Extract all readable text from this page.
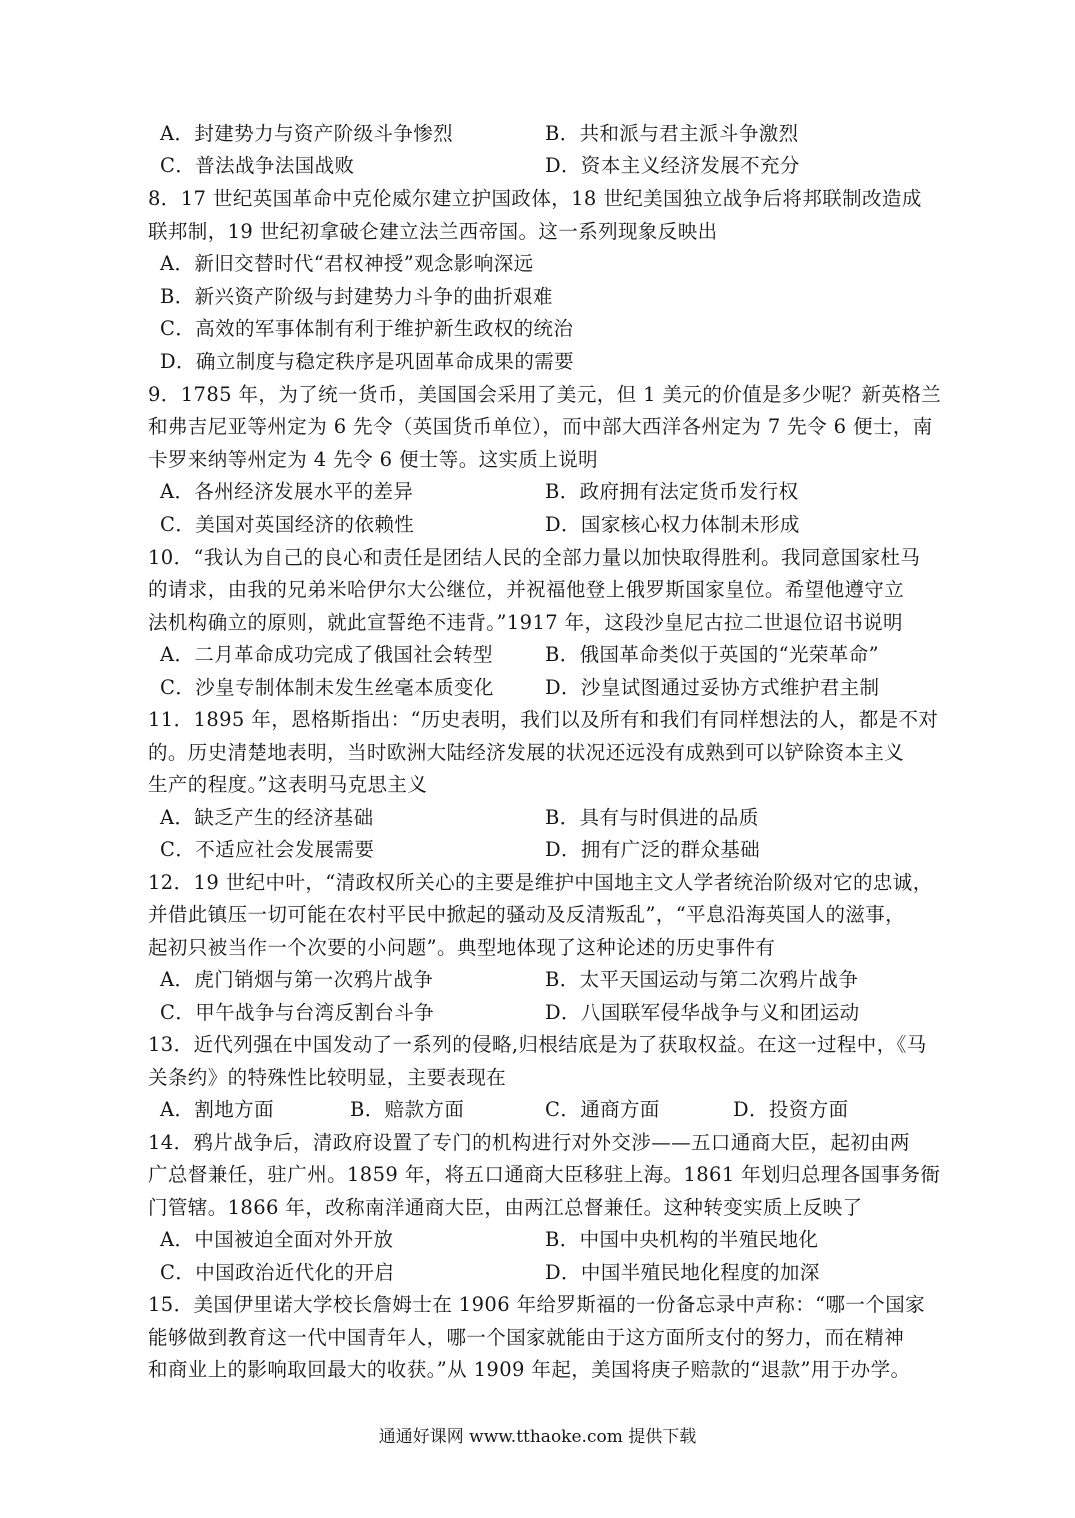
A．封建势力与资产阶级斗争惨烈	B．共和派与君主派斗争激烈
C．普法战争法国战败	D．资本主义经济发展不充分
8．17 世纪英国革命中克伦威尔建立护国政体，18 世纪美国独立战争后将邦联制改造成
联邦制，19 世纪初拿破仑建立法兰西帝国。这一系列现象反映出
A．新旧交替时代“君权神授”观念影响深远
B．新兴资产阶级与封建势力斗争的曲折艰难
C．高效的军事体制有利于维护新生政权的统治
D．确立制度与稳定秩序是巩固革命成果的需要
9．1785 年，为了统一货币，美国国会采用了美元，但 1 美元的价值是多少呢？新英格兰
和弗吉尼亚等州定为 6 先令（英国货币单位），而中部大西洋各州定为 7 先令 6 便士，南
卡罗来纳等州定为 4 先令 6 便士等。这实质上说明
A．各州经济发展水平的差异	B．政府拥有法定货币发行权
C．美国对英国经济的依赖性	D．国家核心权力体制未形成
10．“我认为自己的良心和责任是团结人民的全部力量以加快取得胜利。我同意国家杜马
的请求，由我的兄弟米哈伊尔大公继位，并祝福他登上俄罗斯国家皇位。希望他遵守立
法机构确立的原则，就此宣誓绝不违背。”1917 年，这段沙皇尼古拉二世退位诏书说明
A．二月革命成功完成了俄国社会转型	B．俄国革命类似于英国的“光荣革命”
C．沙皇专制体制未发生丝毫本质变化	D．沙皇试图通过妥协方式维护君主制
11．1895 年，恩格斯指出：“历史表明，我们以及所有和我们有同样想法的人，都是不对
的。历史清楚地表明，当时欧洲大陆经济发展的状况还远没有成熟到可以铲除资本主义
生产的程度。”这表明马克思主义
A．缺乏产生的经济基础	B．具有与时俱进的品质
C．不适应社会发展需要	D．拥有广泛的群众基础
12．19 世纪中叶，“清政权所关心的主要是维护中国地主文人学者统治阶级对它的忠诚，
并借此镇压一切可能在农村平民中掀起的骚动及反清叛乱”，“平息沿海英国人的滋事，
起初只被当作一个次要的小问题”。典型地体现了这种论述的历史事件有
A．虎门销烟与第一次鸦片战争	B．太平天国运动与第二次鸦片战争
C．甲午战争与台湾反割台斗争	D．八国联军侵华战争与义和团运动
13．近代列强在中国发动了一系列的侵略,归根结底是为了获取权益。在这一过程中，《马
关条约》的特殊性比较明显，主要表现在
A．割地方面	B．赔款方面	C．通商方面	D．投资方面
14．鸦片战争后，清政府设置了专门的机构进行对外交涉——五口通商大臣，起初由两
广总督兼任，驻广州。1859 年，将五口通商大臣移驻上海。1861 年划归总理各国事务衙
门管辖。1866 年，改称南洋通商大臣，由两江总督兼任。这种转变实质上反映了
A．中国被迫全面对外开放	B．中国中央机构的半殖民地化
C．中国政治近代化的开启	D．中国半殖民地化程度的加深
15．美国伊里诺大学校长詹姆士在 1906 年给罗斯福的一份备忘录中声称：“哪一个国家
能够做到教育这一代中国青年人，哪一个国家就能由于这方面所支付的努力，而在精神
和商业上的影响取回最大的收获。”从 1909 年起，美国将庚子赔款的“退款”用于办学。
通通好课网 www.tthaoke.com 提供下载
